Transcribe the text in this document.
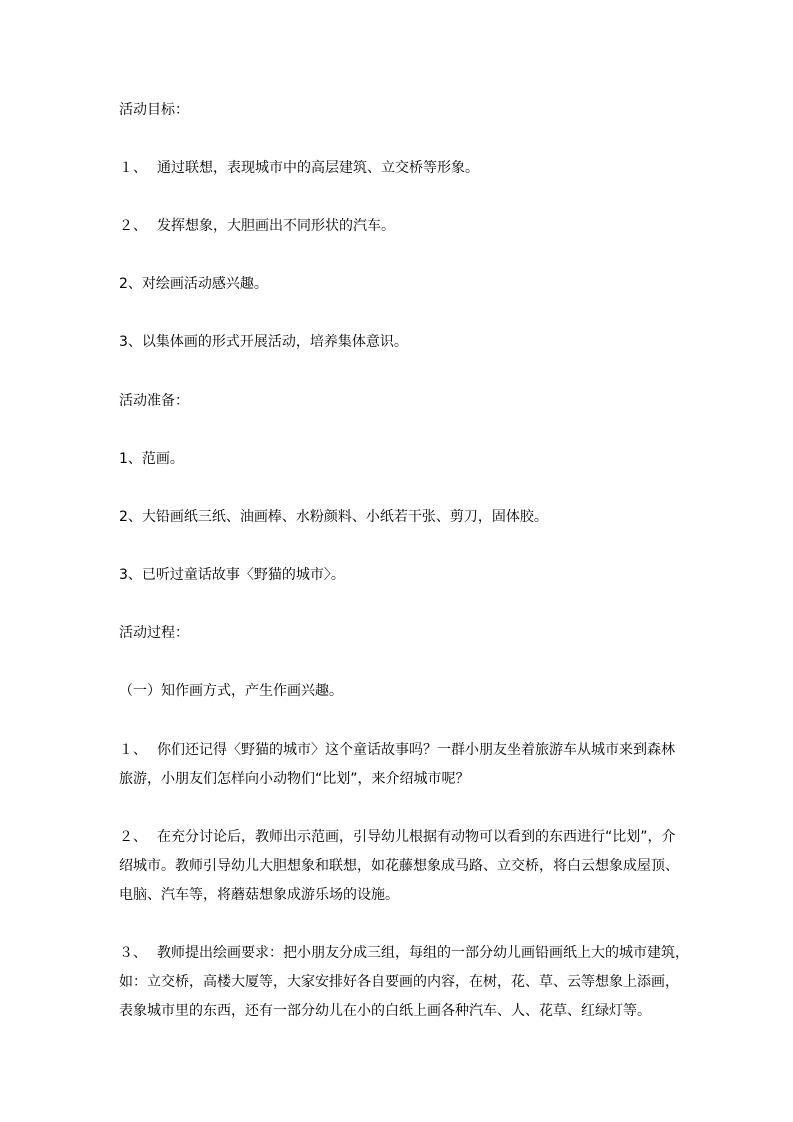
活动目标：
１、 通过联想，表现城市中的高层建筑、立交桥等形象。
２、 发挥想象，大胆画出不同形状的汽车。
2、对绘画活动感兴趣。
3、以集体画的形式开展活动，培养集体意识。
活动准备：
1、范画。
2、大铅画纸三纸、油画棒、水粉颜料、小纸若干张、剪刀，固体胶。
3、已听过童话故事〈野猫的城市〉。
活动过程：
（一）知作画方式，产生作画兴趣。
１、 你们还记得〈野猫的城市〉这个童话故事吗？一群小朋友坐着旅游车从城市来到森林
旅游，小朋友们怎样向小动物们“比划”，来介绍城市呢？
２、 在充分讨论后，教师出示范画，引导幼儿根据有动物可以看到的东西进行“比划”，介
绍城市。教师引导幼儿大胆想象和联想，如花藤想象成马路、立交桥，将白云想象成屋顶、
电脑、汽车等，将蘑菇想象成游乐场的设施。
３、 教师提出绘画要求：把小朋友分成三组，每组的一部分幼儿画铅画纸上大的城市建筑，
如：立交桥，高楼大厦等，大家安排好各自要画的内容，在树，花、草、云等想象上添画，
表象城市里的东西，还有一部分幼儿在小的白纸上画各种汽车、人、花草、红绿灯等。
